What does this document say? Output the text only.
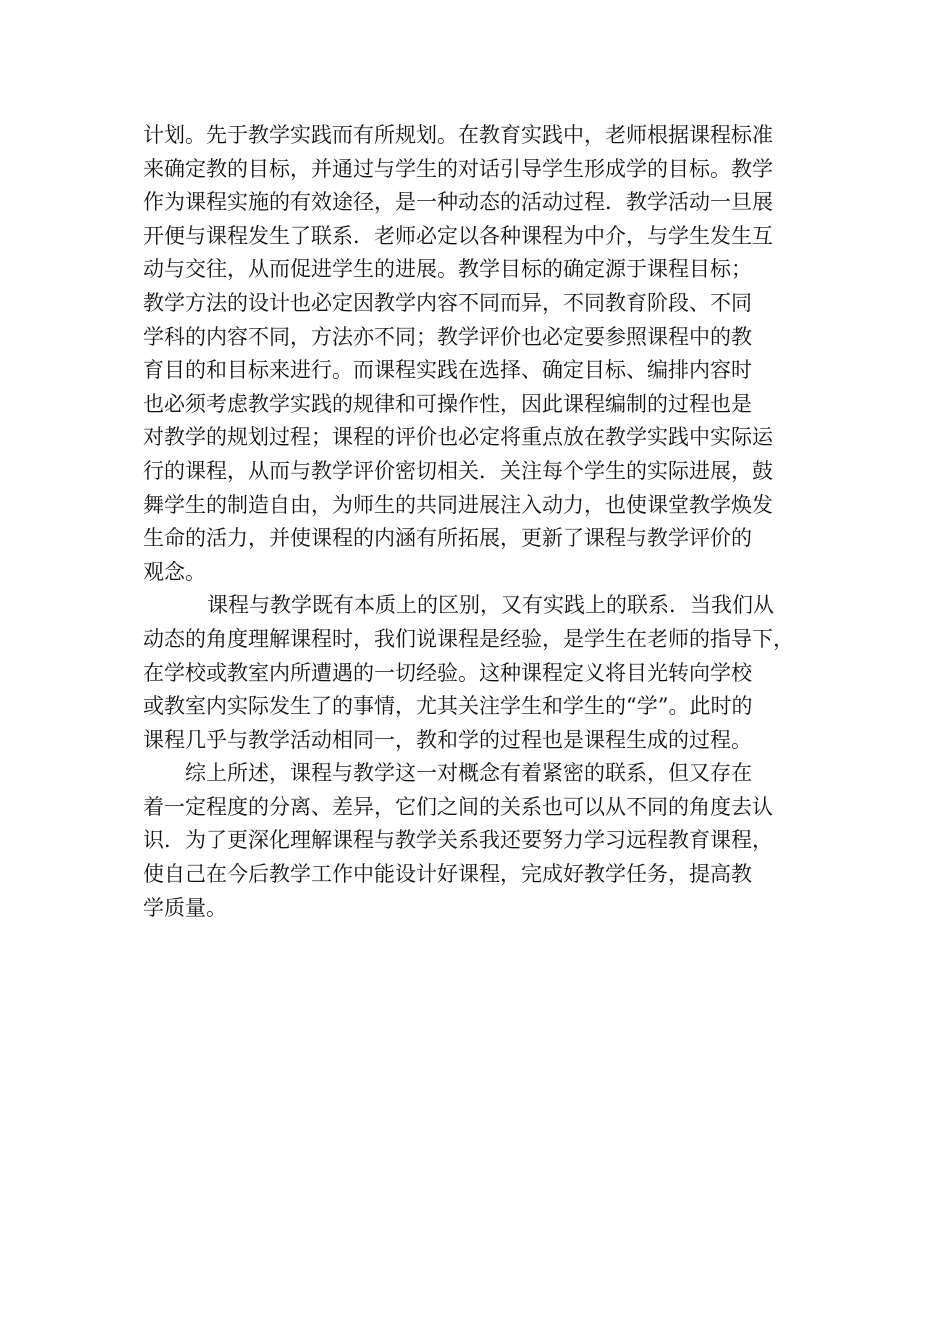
计划。先于教学实践而有所规划。在教育实践中，老师根据课程标准
来确定教的目标，并通过与学生的对话引导学生形成学的目标。教学
作为课程实施的有效途径，是一种动态的活动过程．教学活动一旦展
开便与课程发生了联系．老师必定以各种课程为中介，与学生发生互
动与交往，从而促进学生的进展。教学目标的确定源于课程目标；
教学方法的设计也必定因教学内容不同而异，不同教育阶段、不同
学科的内容不同，方法亦不同；教学评价也必定要参照课程中的教
育目的和目标来进行。而课程实践在选择、确定目标、编排内容时
也必须考虑教学实践的规律和可操作性，因此课程编制的过程也是
对教学的规划过程；课程的评价也必定将重点放在教学实践中实际运
行的课程，从而与教学评价密切相关．关注每个学生的实际进展，鼓
舞学生的制造自由，为师生的共同进展注入动力，也使课堂教学焕发
生命的活力，并使课程的内涵有所拓展，更新了课程与教学评价的
观念。
课程与教学既有本质上的区别，又有实践上的联系．当我们从
动态的角度理解课程时，我们说课程是经验，是学生在老师的指导下，
在学校或教室内所遭遇的一切经验。这种课程定义将目光转向学校
或教室内实际发生了的事情，尤其关注学生和学生的“学”。此时的
课程几乎与教学活动相同一，教和学的过程也是课程生成的过程。
综上所述，课程与教学这一对概念有着紧密的联系，但又存在
着一定程度的分离、差异，它们之间的关系也可以从不同的角度去认
识．为了更深化理解课程与教学关系我还要努力学习远程教育课程，
使自己在今后教学工作中能设计好课程，完成好教学任务，提高教
学质量。
